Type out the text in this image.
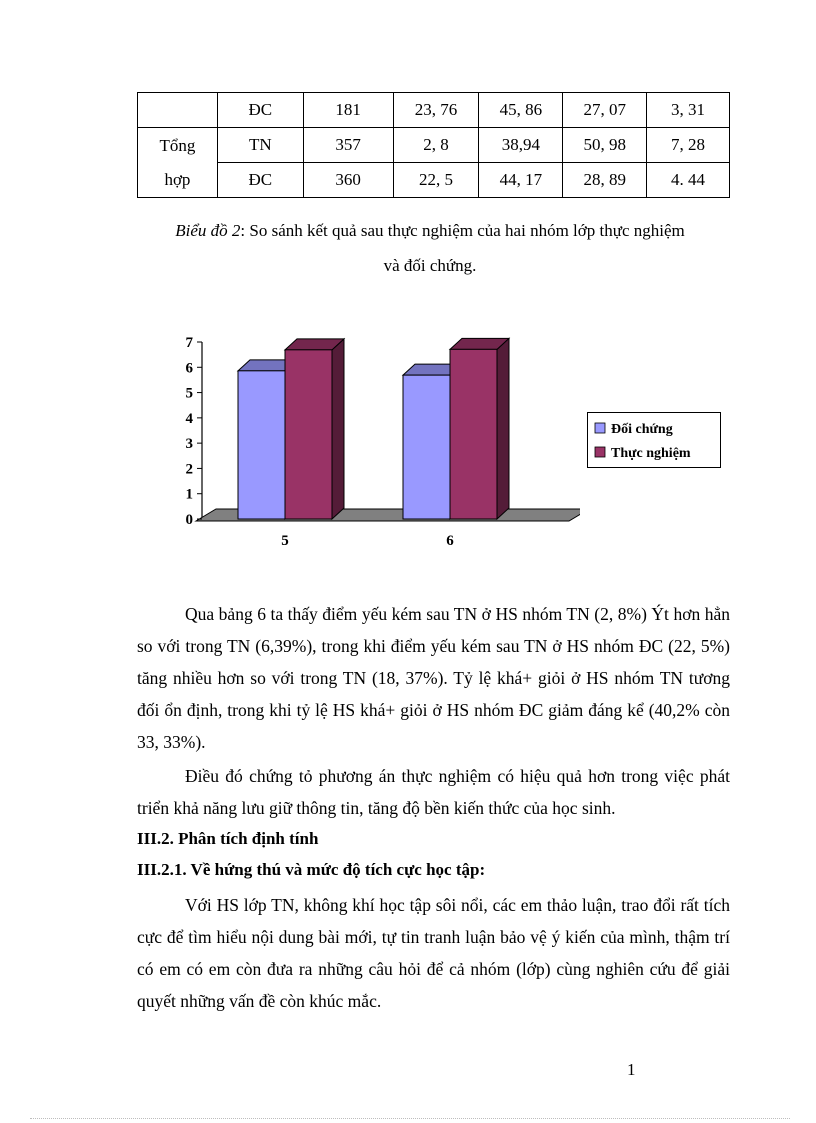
	ĐC	181	23, 76	45, 86	27, 07	3, 31

Tổng
hợp	TN	357	2, 8	38,94	50, 98	7, 28
	ĐC	360	22, 5	44, 17	28, 89	4. 44
Biểu đồ 2: So sánh kết quả sau thực nghiệm của hai nhóm lớp thực nghiệm
và đối chứng.
0
1
2
3
4
5
6
7
5	6
Đối chứng
Thực nghiệm

Qua bảng 6 ta thấy điểm yếu kém sau TN ở HS nhóm TN (2, 8%) Ýt hơn hẳn so với trong TN (6,39%), trong khi điểm yếu kém sau TN ở HS nhóm ĐC (22, 5%) tăng nhiều hơn so với trong TN (18, 37%). Tỷ lệ khá+ giỏi ở HS nhóm TN tương đối ổn định, trong khi tỷ lệ HS khá+ giỏi ở HS nhóm ĐC giảm đáng kể (40,2% còn 33, 33%).

Điều đó chứng tỏ phương án thực nghiệm có hiệu quả hơn trong việc phát triển khả năng lưu giữ thông tin, tăng độ bền kiến thức của học sinh.

III.2. Phân tích định tính
III.2.1. Về hứng thú và mức độ tích cực học tập:

Với HS lớp TN, không khí học tập sôi nổi, các em thảo luận, trao đổi rất tích cực để tìm hiểu nội dung bài mới, tự tin tranh luận bảo vệ ý kiến của mình, thậm trí có em có em còn đưa ra những câu hỏi để cả nhóm (lớp) cùng nghiên cứu để giải quyết những vấn đề còn khúc mắc.

1
